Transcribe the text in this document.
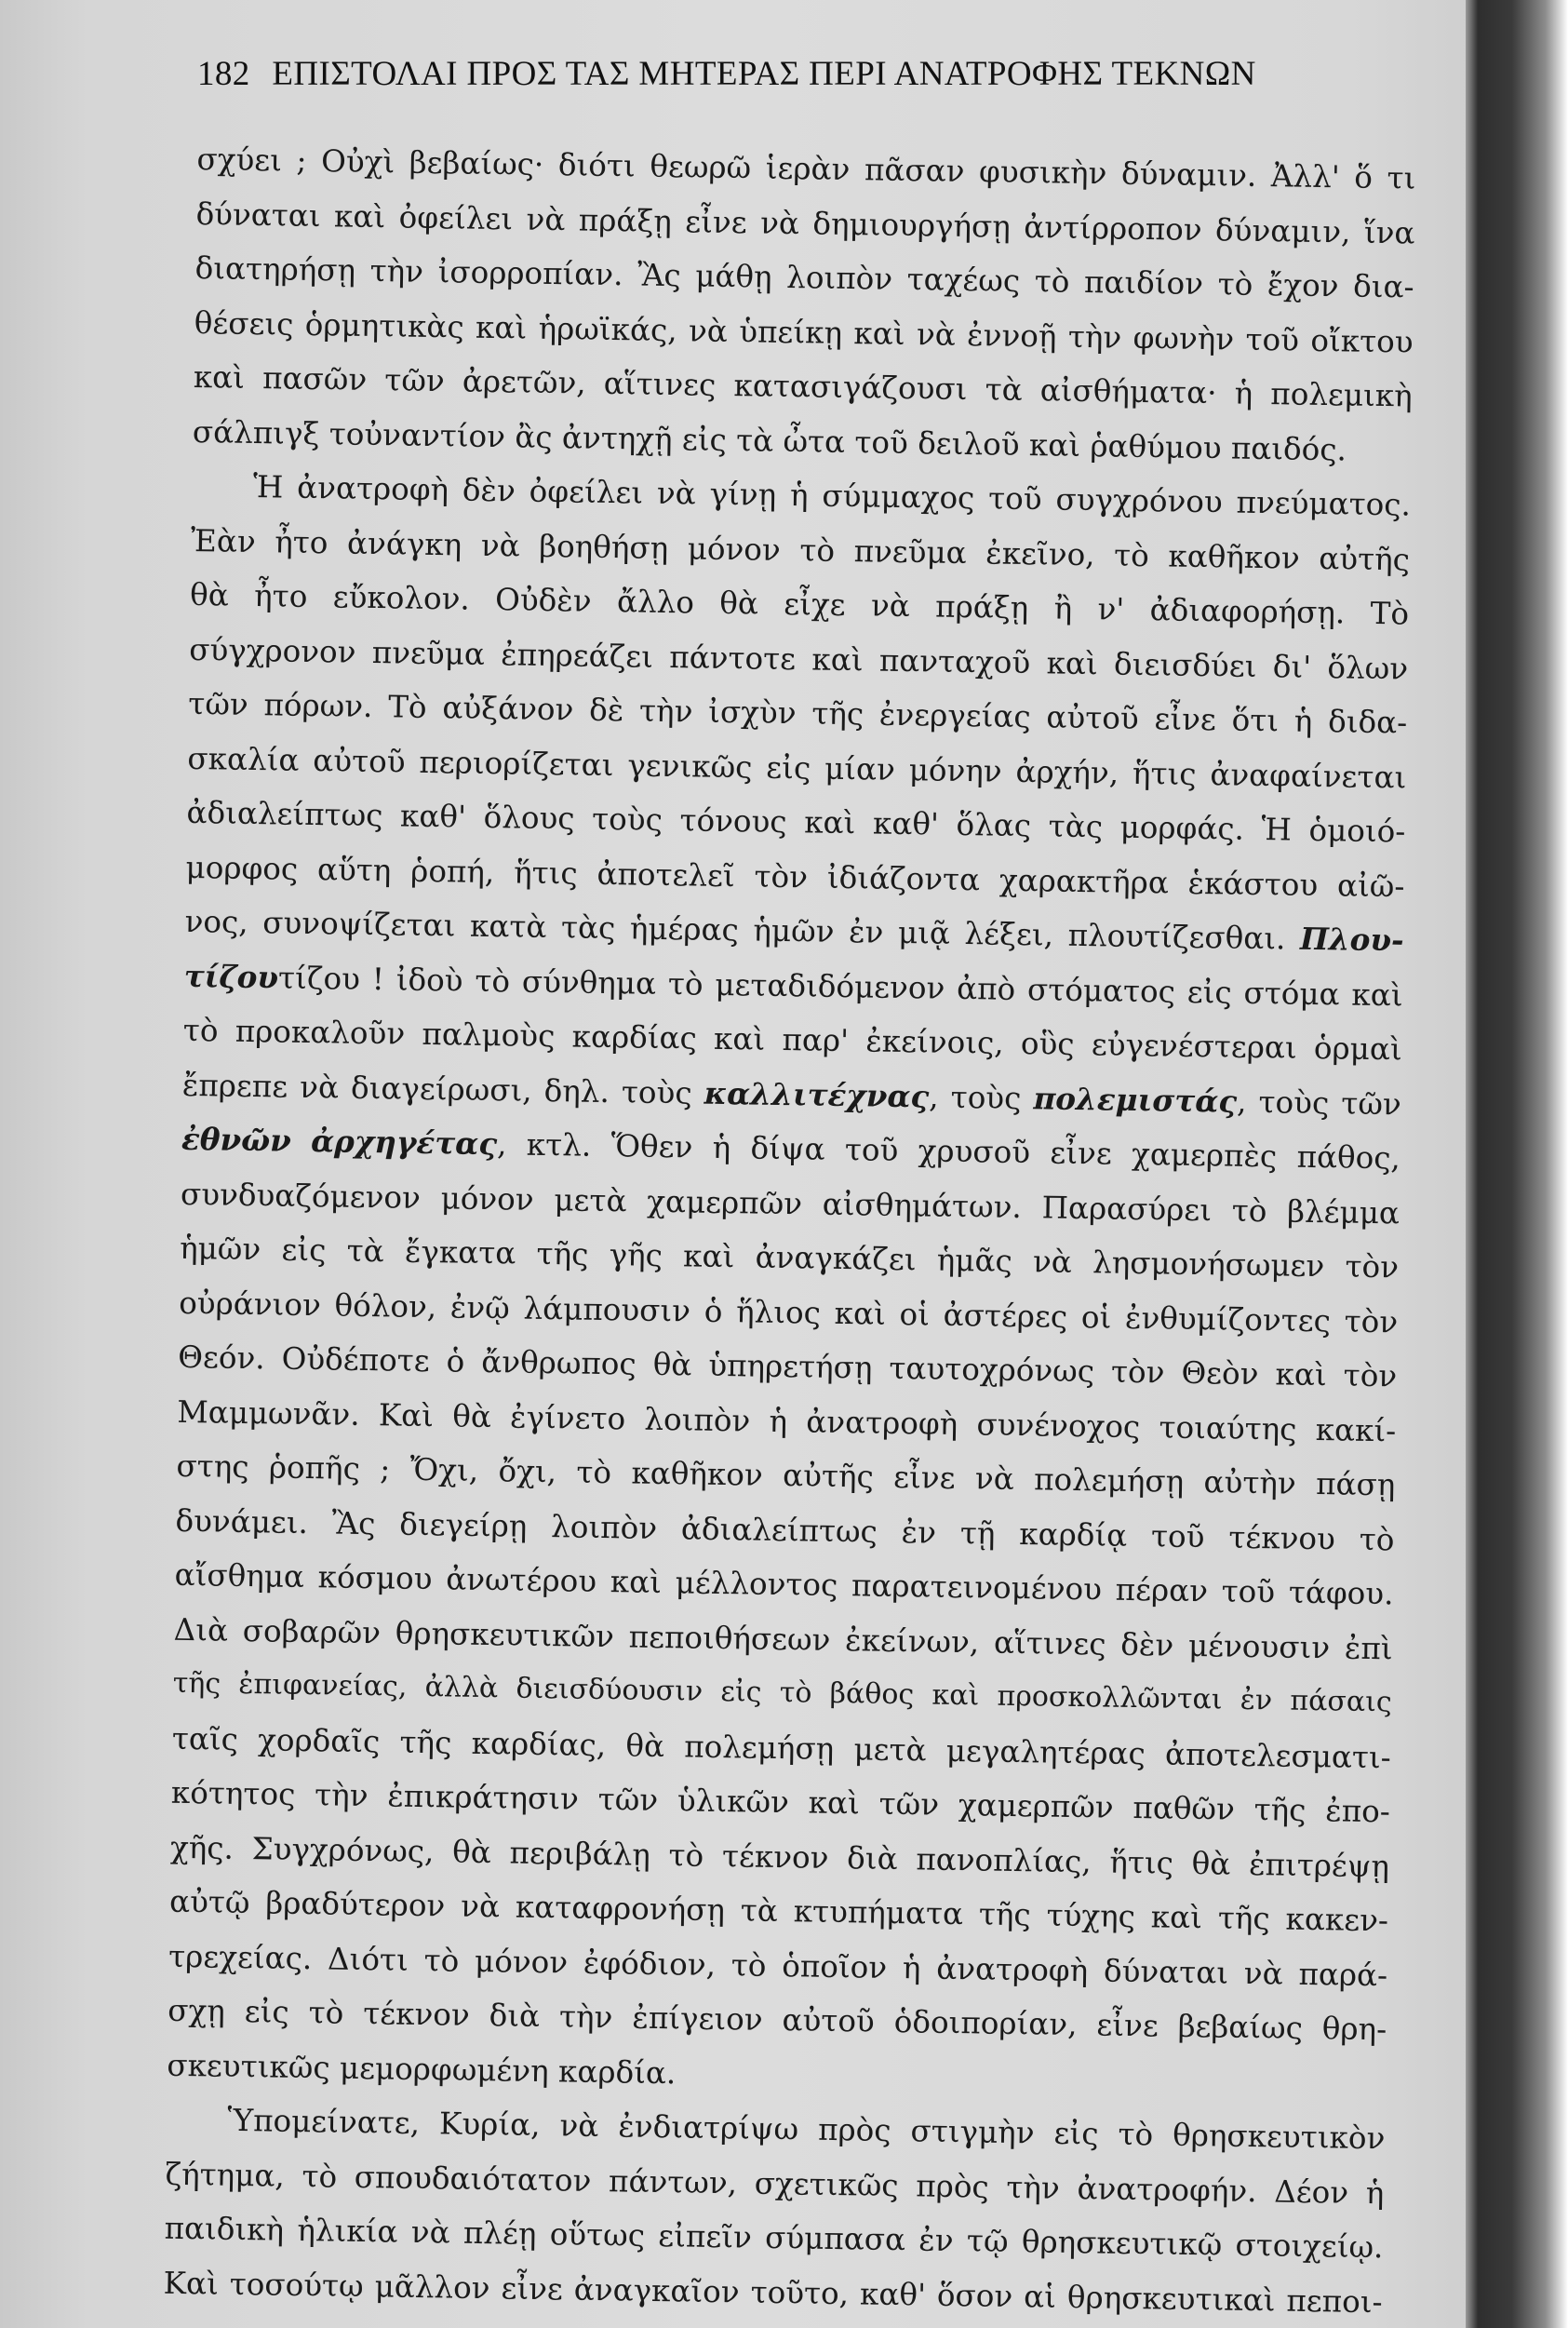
182 ΕΠΙΣΤΟΛΑΙ ΠΡΟΣ ΤΑΣ ΜΗΤΕΡΑΣ ΠΕΡΙ ΑΝΑΤΡΟΦΗΣ ΤΕΚΝΩΝ
σχύει ; Οὐχὶ βεβαίως· διότι θεωρῶ ἱερὰν πᾶσαν φυσικὴν δύναμιν. Ἀλλ' ὅ τι
δύναται καὶ ὀφείλει νὰ πράξῃ εἶνε νὰ δημιουργήσῃ ἀντίρροπον δύναμιν, ἵνα
διατηρήσῃ τὴν ἰσορροπίαν. Ἂς μάθῃ λοιπὸν ταχέως τὸ παιδίον τὸ ἔχον δια-
θέσεις ὁρμητικὰς καὶ ἡρωϊκάς, νὰ ὑπείκῃ καὶ νὰ ἐννοῇ τὴν φωνὴν τοῦ οἴκτου
καὶ πασῶν τῶν ἀρετῶν, αἵτινες κατασιγάζουσι τὰ αἰσθήματα· ἡ πολεμικὴ
σάλπιγξ τοὐναντίον ἂς ἀντηχῇ εἰς τὰ ὦτα τοῦ δειλοῦ καὶ ῥαθύμου παιδός.
Ἡ ἀνατροφὴ δὲν ὀφείλει νὰ γίνῃ ἡ σύμμαχος τοῦ συγχρόνου πνεύματος.
Ἐὰν ἦτο ἀνάγκη νὰ βοηθήσῃ μόνον τὸ πνεῦμα ἐκεῖνο, τὸ καθῆκον αὐτῆς
θὰ ἦτο εὔκολον. Οὐδὲν ἄλλο θὰ εἶχε νὰ πράξῃ ἢ ν' ἀδιαφορήσῃ. Τὸ
σύγχρονον πνεῦμα ἐπηρεάζει πάντοτε καὶ πανταχοῦ καὶ διεισδύει δι' ὅλων
τῶν πόρων. Τὸ αὐξάνον δὲ τὴν ἰσχὺν τῆς ἐνεργείας αὐτοῦ εἶνε ὅτι ἡ διδα-
σκαλία αὐτοῦ περιορίζεται γενικῶς εἰς μίαν μόνην ἀρχήν, ἥτις ἀναφαίνεται
ἀδιαλείπτως καθ' ὅλους τοὺς τόνους καὶ καθ' ὅλας τὰς μορφάς. Ἡ ὁμοιό-
μορφος αὕτη ῥοπή, ἥτις ἀποτελεῖ τὸν ἰδιάζοντα χαρακτῆρα ἑκάστου αἰῶ-
νος, συνοψίζεται κατὰ τὰς ἡμέρας ἡμῶν ἐν μιᾷ λέξει, πλουτίζεσθαι. Πλου-
τίζουτίζου ! ἰδοὺ τὸ σύνθημα τὸ μεταδιδόμενον ἀπὸ στόματος εἰς στόμα καὶ
τὸ προκαλοῦν παλμοὺς καρδίας καὶ παρ' ἐκείνοις, οὓς εὐγενέστεραι ὁρμαὶ
ἔπρεπε νὰ διαγείρωσι, δηλ. τοὺς καλλιτέχνας, τοὺς πολεμιστάς, τοὺς τῶν
ἐθνῶν ἀρχηγέτας, κτλ. Ὅθεν ἡ δίψα τοῦ χρυσοῦ εἶνε χαμερπὲς πάθος,
συνδυαζόμενον μόνον μετὰ χαμερπῶν αἰσθημάτων. Παρασύρει τὸ βλέμμα
ἡμῶν εἰς τὰ ἔγκατα τῆς γῆς καὶ ἀναγκάζει ἡμᾶς νὰ λησμονήσωμεν τὸν
οὐράνιον θόλον, ἐνῷ λάμπουσιν ὁ ἥλιος καὶ οἱ ἀστέρες οἱ ἐνθυμίζοντες τὸν
Θεόν. Οὐδέποτε ὁ ἄνθρωπος θὰ ὑπηρετήσῃ ταυτοχρόνως τὸν Θεὸν καὶ τὸν
Μαμμωνᾶν. Καὶ θὰ ἐγίνετο λοιπὸν ἡ ἀνατροφὴ συνένοχος τοιαύτης κακί-
στης ῥοπῆς ; Ὄχι, ὄχι, τὸ καθῆκον αὐτῆς εἶνε νὰ πολεμήσῃ αὐτὴν πάσῃ
δυνάμει. Ἂς διεγείρῃ λοιπὸν ἀδιαλείπτως ἐν τῇ καρδίᾳ τοῦ τέκνου τὸ
αἴσθημα κόσμου ἀνωτέρου καὶ μέλλοντος παρατεινομένου πέραν τοῦ τάφου.
Διὰ σοβαρῶν θρησκευτικῶν πεποιθήσεων ἐκείνων, αἵτινες δὲν μένουσιν ἐπὶ
τῆς ἐπιφανείας, ἀλλὰ διεισδύουσιν εἰς τὸ βάθος καὶ προσκολλῶνται ἐν πάσαις
ταῖς χορδαῖς τῆς καρδίας, θὰ πολεμήσῃ μετὰ μεγαλητέρας ἀποτελεσματι-
κότητος τὴν ἐπικράτησιν τῶν ὑλικῶν καὶ τῶν χαμερπῶν παθῶν τῆς ἐπο-
χῆς. Συγχρόνως, θὰ περιβάλῃ τὸ τέκνον διὰ πανοπλίας, ἥτις θὰ ἐπιτρέψῃ
αὐτῷ βραδύτερον νὰ καταφρονήσῃ τὰ κτυπήματα τῆς τύχης καὶ τῆς κακεν-
τρεχείας. Διότι τὸ μόνον ἐφόδιον, τὸ ὁποῖον ἡ ἀνατροφὴ δύναται νὰ παρά-
σχῃ εἰς τὸ τέκνον διὰ τὴν ἐπίγειον αὐτοῦ ὁδοιπορίαν, εἶνε βεβαίως θρη-
σκευτικῶς μεμορφωμένη καρδία.
Ὑπομείνατε, Κυρία, νὰ ἐνδιατρίψω πρὸς στιγμὴν εἰς τὸ θρησκευτικὸν
ζήτημα, τὸ σπουδαιότατον πάντων, σχετικῶς πρὸς τὴν ἀνατροφήν. Δέον ἡ
παιδικὴ ἡλικία νὰ πλέῃ οὕτως εἰπεῖν σύμπασα ἐν τῷ θρησκευτικῷ στοιχείῳ.
Καὶ τοσούτῳ μᾶλλον εἶνε ἀναγκαῖον τοῦτο, καθ' ὅσον αἱ θρησκευτικαὶ πεποι-
